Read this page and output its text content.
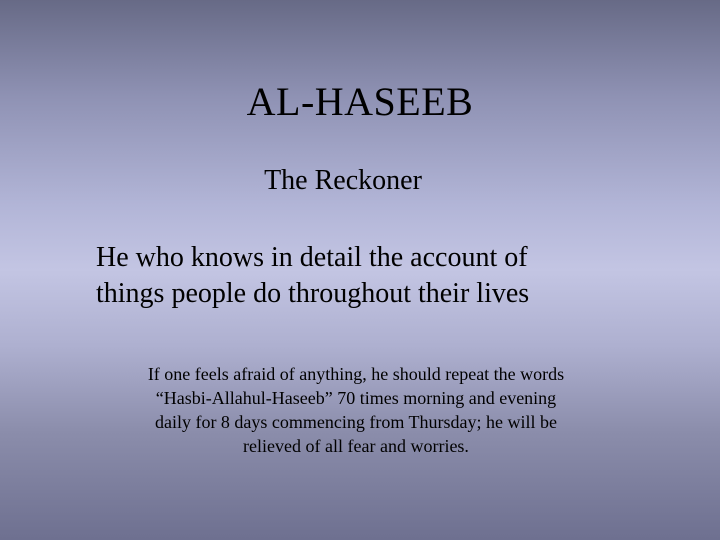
AL-HASEEB
The Reckoner
He who knows in detail the account of
things people do throughout their lives
If one feels afraid of anything, he should repeat the words
“Hasbi-Allahul-Haseeb” 70 times morning and evening
daily for 8 days commencing from Thursday; he will be
relieved of all fear and worries.
